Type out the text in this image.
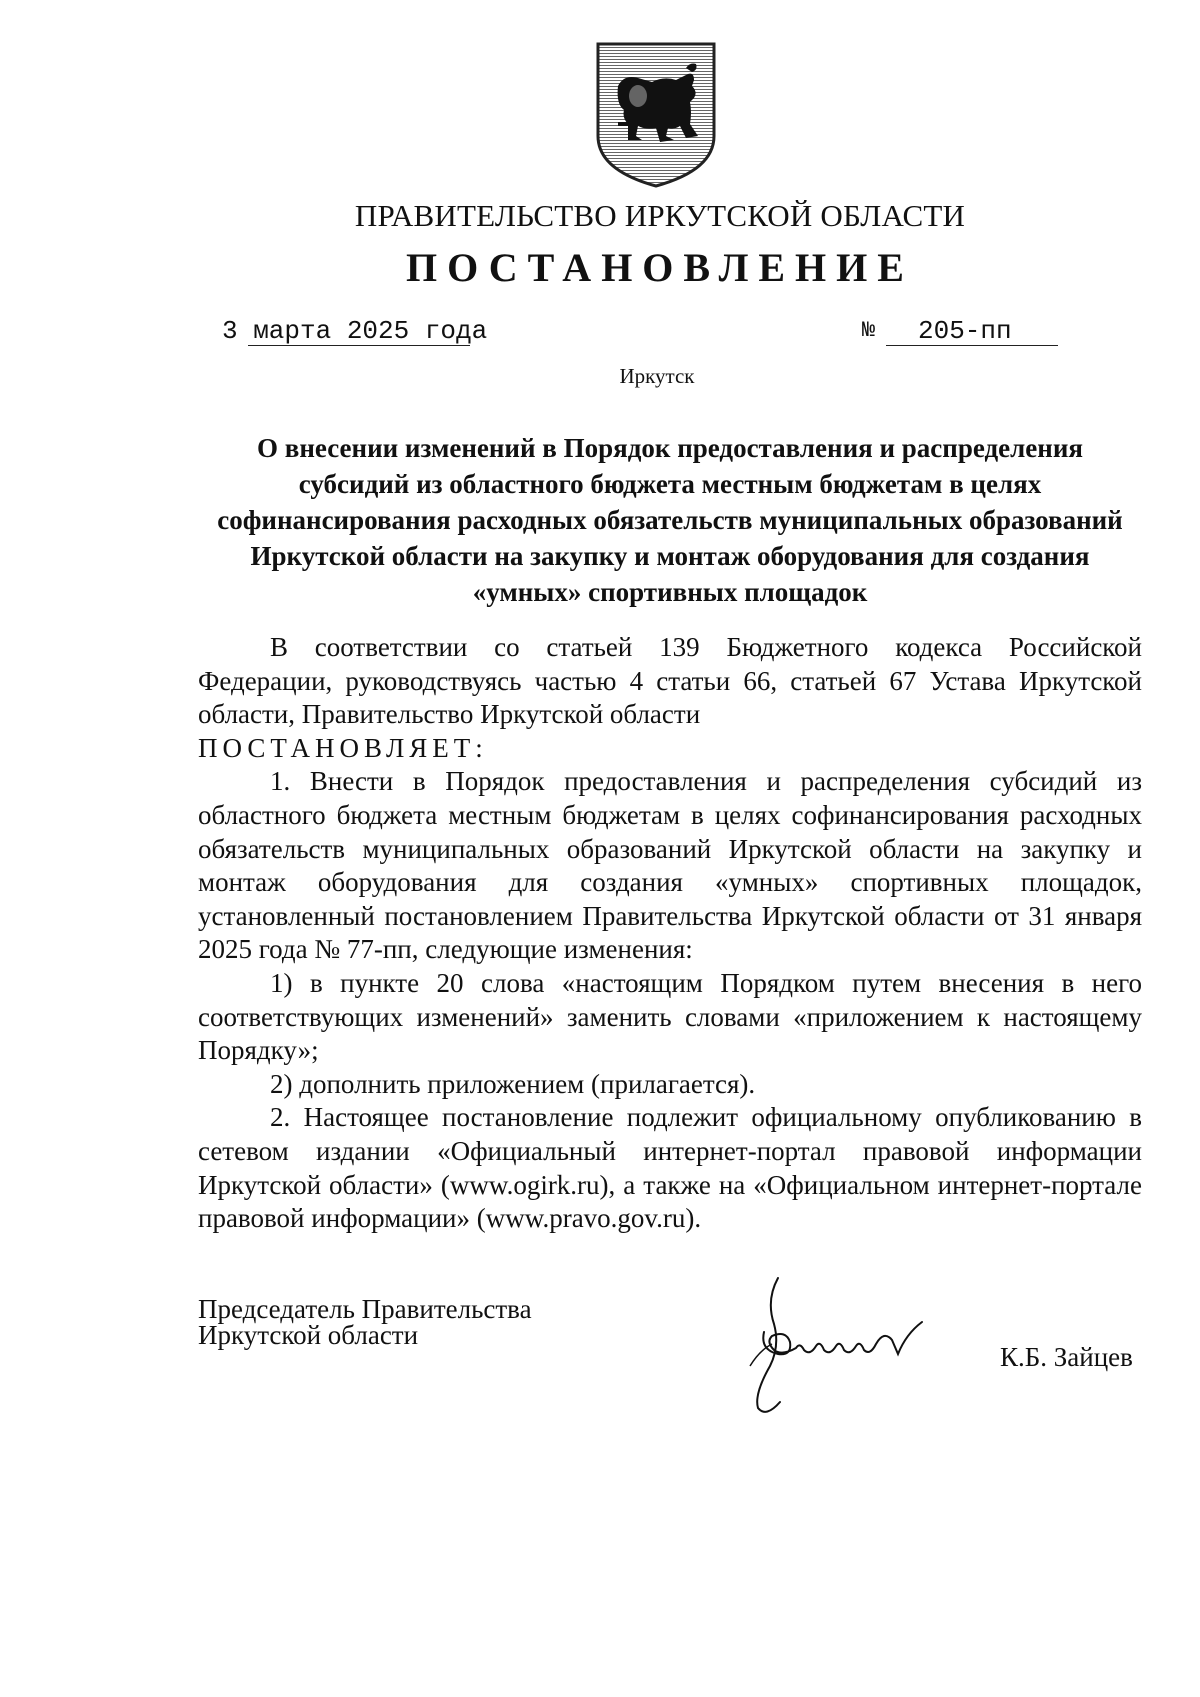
ПРАВИТЕЛЬСТВО ИРКУТСКОЙ ОБЛАСТИ
ПОСТАНОВЛЕНИЕ
3 марта 2025 года	№ 205-пп
Иркутск
О внесении изменений в Порядок предоставления и распределения субсидий из областного бюджета местным бюджетам в целях софинансирования расходных обязательств муниципальных образований Иркутской области на закупку и монтаж оборудования для создания «умных» спортивных площадок

В соответствии со статьей 139 Бюджетного кодекса Российской Федерации, руководствуясь частью 4 статьи 66, статьей 67 Устава Иркутской области, Правительство Иркутской области

ПОСТАНОВЛЯЕТ:

1. Внести в Порядок предоставления и распределения субсидий из областного бюджета местным бюджетам в целях софинансирования расходных обязательств муниципальных образований Иркутской области на закупку и монтаж оборудования для создания «умных» спортивных площадок, установленный постановлением Правительства Иркутской области от 31 января 2025 года № 77-пп, следующие изменения:

1) в пункте 20 слова «настоящим Порядком путем внесения в него соответствующих изменений» заменить словами «приложением к настоящему Порядку»;

2) дополнить приложением (прилагается).

2. Настоящее постановление подлежит официальному опубликованию в сетевом издании «Официальный интернет-портал правовой информации Иркутской области» (www.ogirk.ru), а также на «Официальном интернет-портале правовой информации» (www.pravo.gov.ru).

Председатель Правительства
Иркутской области
К.Б. Зайцев
